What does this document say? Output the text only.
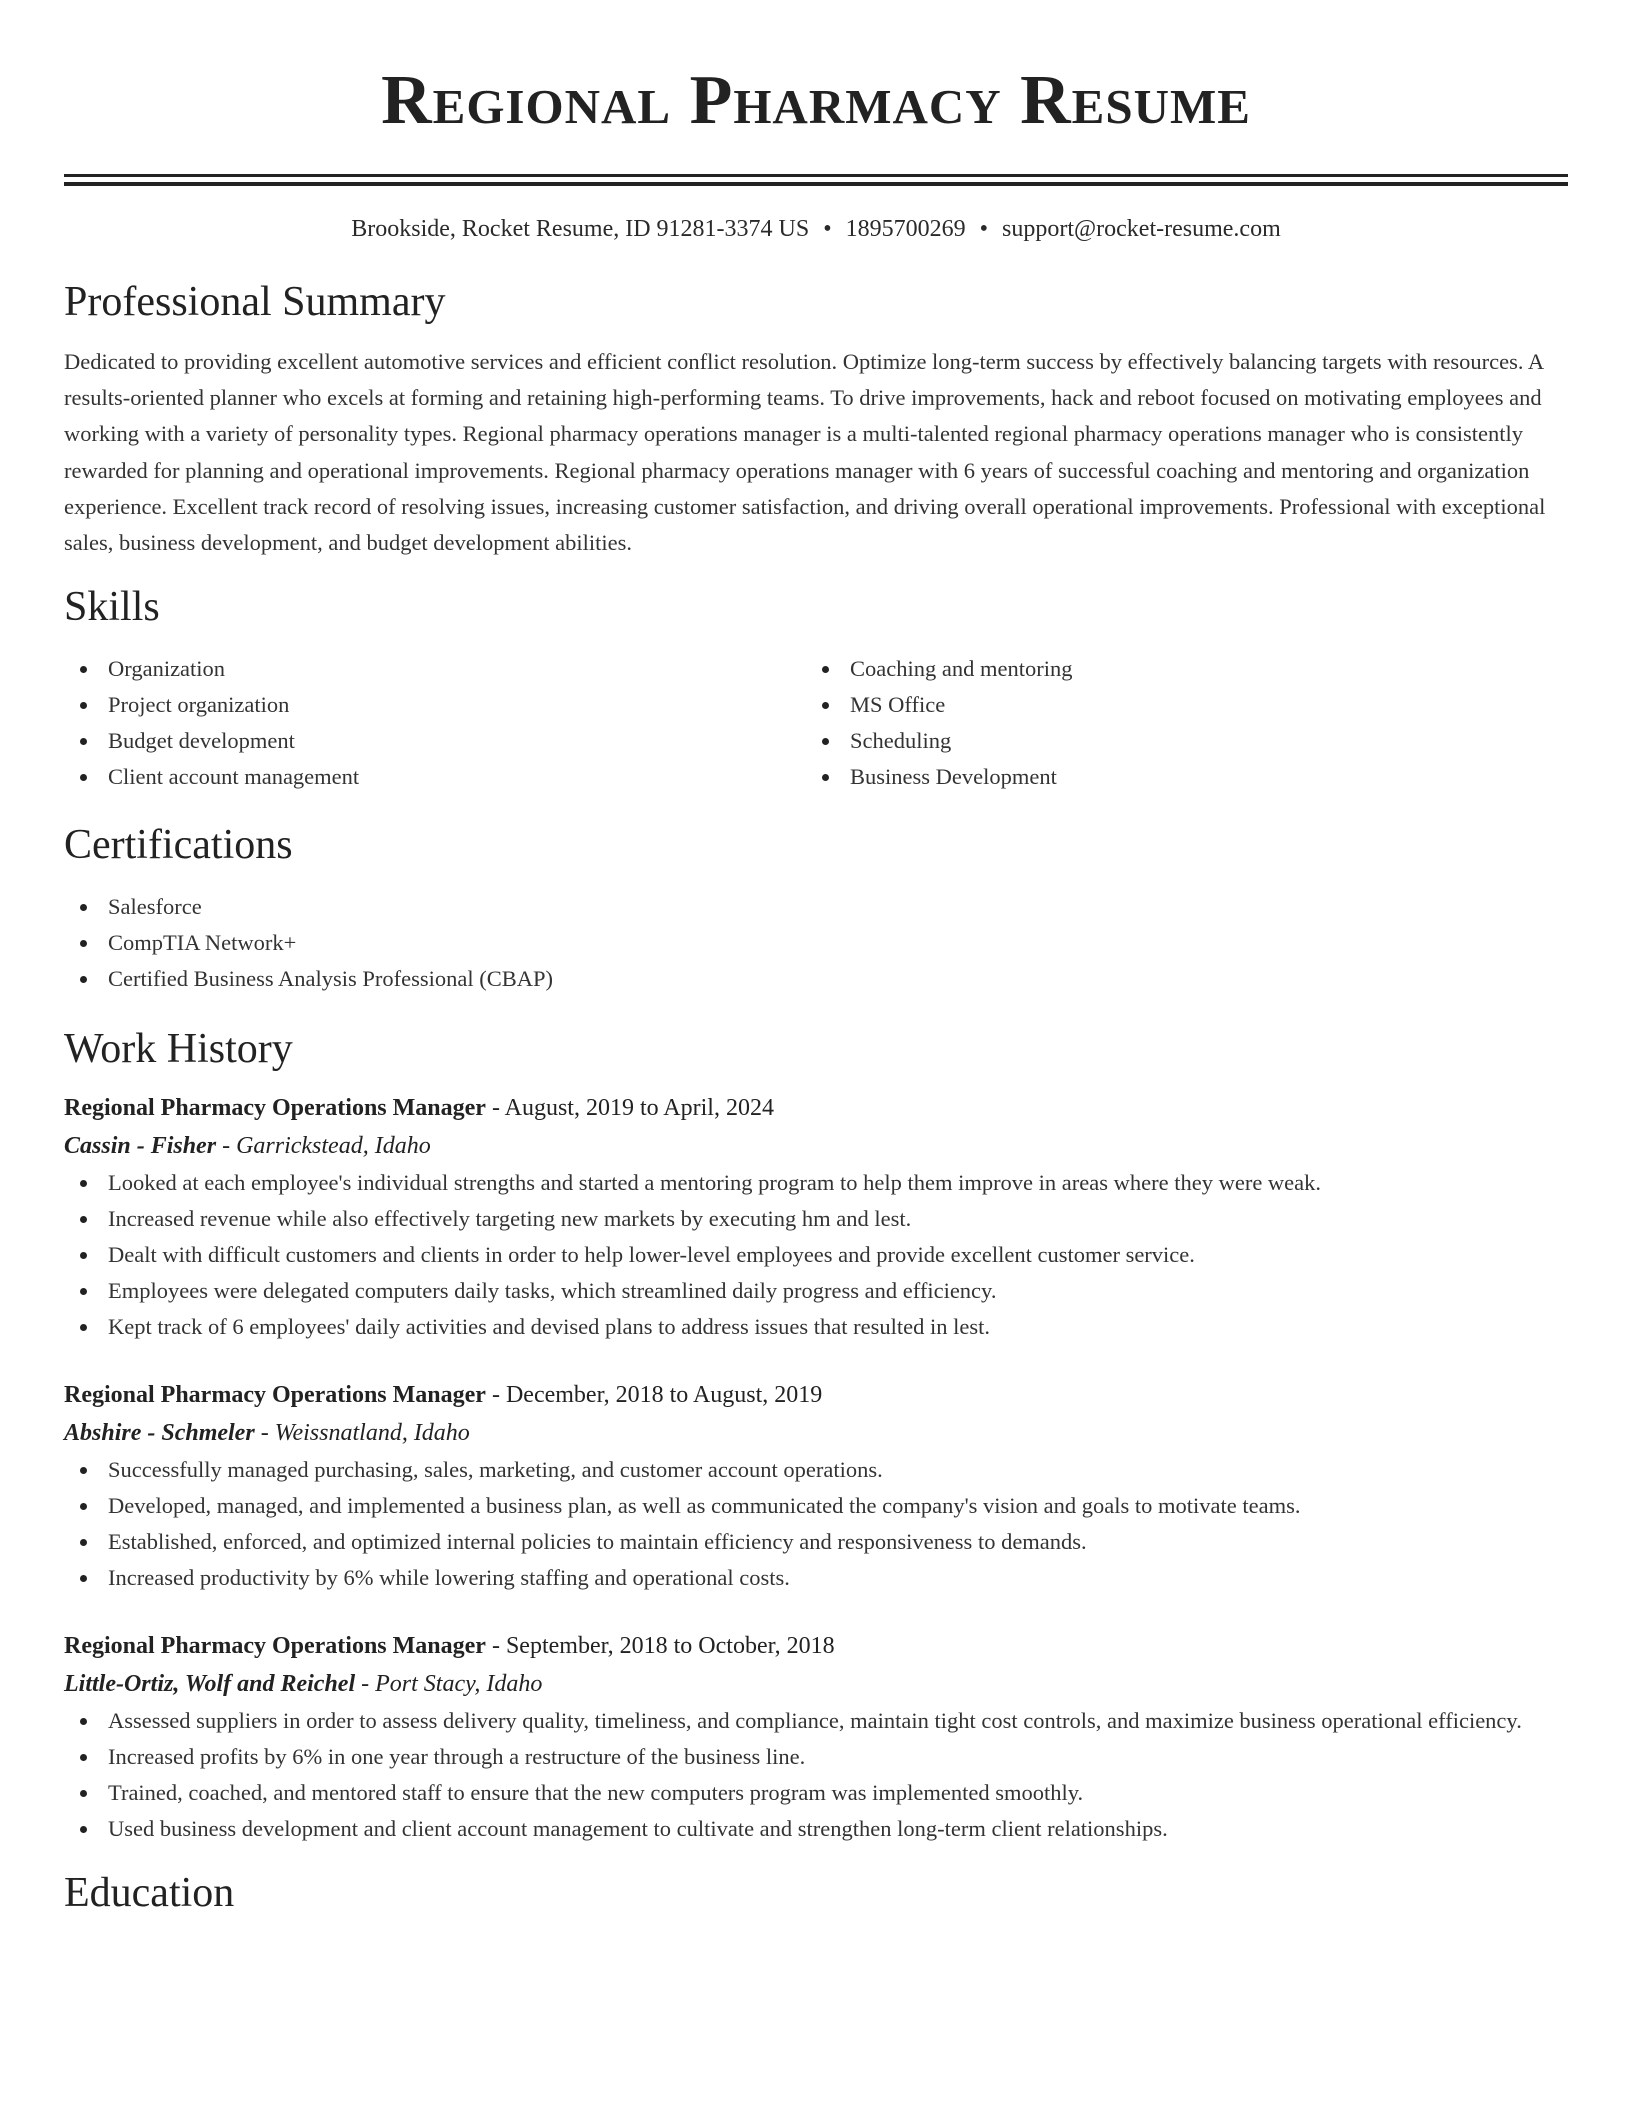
Regional Pharmacy Resume
Brookside, Rocket Resume, ID 91281-3374 US • 1895700269 • support@rocket-resume.com
Professional Summary

Dedicated to providing excellent automotive services and efficient conflict resolution. Optimize long-term success by effectively balancing targets with resources. A results-oriented planner who excels at forming and retaining high-performing teams. To drive improvements, hack and reboot focused on motivating employees and working with a variety of personality types. Regional pharmacy operations manager is a multi-talented regional pharmacy operations manager who is consistently rewarded for planning and operational improvements. Regional pharmacy operations manager with 6 years of successful coaching and mentoring and organization experience. Excellent track record of resolving issues, increasing customer satisfaction, and driving overall operational improvements. Professional with exceptional sales, business development, and budget development abilities.

Skills
Organization
Project organization
Budget development
Client account management
Coaching and mentoring
MS Office
Scheduling
Business Development
Certifications
Salesforce
CompTIA Network+
Certified Business Analysis Professional (CBAP)
Work History
Regional Pharmacy Operations Manager - August, 2019 to April, 2024
Cassin - Fisher - Garrickstead, Idaho
Looked at each employee's individual strengths and started a mentoring program to help them improve in areas where they were weak.
Increased revenue while also effectively targeting new markets by executing hm and lest.
Dealt with difficult customers and clients in order to help lower-level employees and provide excellent customer service.
Employees were delegated computers daily tasks, which streamlined daily progress and efficiency.
Kept track of 6 employees' daily activities and devised plans to address issues that resulted in lest.
Regional Pharmacy Operations Manager - December, 2018 to August, 2019
Abshire - Schmeler - Weissnatland, Idaho
Successfully managed purchasing, sales, marketing, and customer account operations.
Developed, managed, and implemented a business plan, as well as communicated the company's vision and goals to motivate teams.
Established, enforced, and optimized internal policies to maintain efficiency and responsiveness to demands.
Increased productivity by 6% while lowering staffing and operational costs.
Regional Pharmacy Operations Manager - September, 2018 to October, 2018
Little-Ortiz, Wolf and Reichel - Port Stacy, Idaho
Assessed suppliers in order to assess delivery quality, timeliness, and compliance, maintain tight cost controls, and maximize business operational efficiency.
Increased profits by 6% in one year through a restructure of the business line.
Trained, coached, and mentored staff to ensure that the new computers program was implemented smoothly.
Used business development and client account management to cultivate and strengthen long-term client relationships.
Education
